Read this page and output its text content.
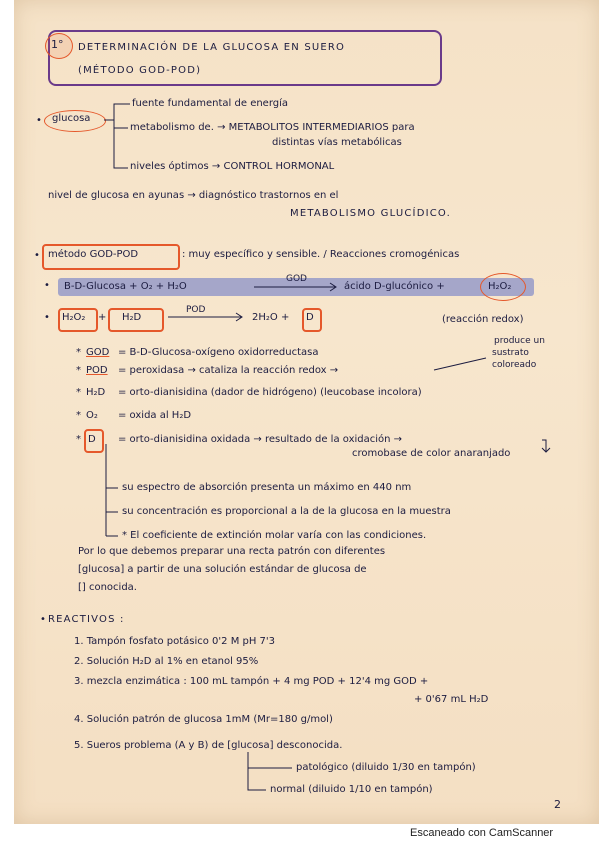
1° DETERMINACIÓN DE LA GLUCOSA EN SUERO
(MÉTODO GOD-POD)
• glucosa
fuente fundamental de energía
metabolismo de. → METABOLITOS INTERMEDIARIOS para
distintas vías metabólicas
niveles óptimos → CONTROL HORMONAL
nivel de glucosa en ayunas → diagnóstico trastornos en el
METABOLISMO GLUCÍDICO.
• método GOD-POD	: muy específico y sensible. / Reacciones cromogénicas
• B-D-Glucosa + O₂ + H₂O
GOD
ácido D-glucónico +	H₂O₂
• H₂O₂ + H₂D
POD
2H₂O + D	(reacción redox)
* GOD = B-D-Glucosa-oxígeno oxidorreductasa
* POD = peroxidasa → cataliza la reacción redox →
produce un
sustrato
coloreado
* H₂D = orto-dianisidina (dador de hidrógeno) (leucobase incolora)
* O₂ = oxida al H₂D
* D = orto-dianisidina oxidada → resultado de la oxidación →
cromobase de color anaranjado
su espectro de absorción presenta un máximo en 440 nm
su concentración es proporcional a la de la glucosa en la muestra
* El coeficiente de extinción molar varía con las condiciones.
Por lo que debemos preparar una recta patrón con diferentes
[glucosa] a partir de una solución estándar de glucosa de
[] conocida.
• REACTIVOS :
1. Tampón fosfato potásico 0'2 M pH 7'3
2. Solución H₂D al 1% en etanol 95%
3. mezcla enzimática : 100 mL tampón + 4 mg POD + 12'4 mg GOD +
+ 0'67 mL H₂D
4. Solución patrón de glucosa 1mM (Mr=180 g/mol)
5. Sueros problema (A y B) de [glucosa] desconocida.
patológico (diluido 1/30 en tampón)
normal (diluido 1/10 en tampón)
2
Escaneado con CamScanner
